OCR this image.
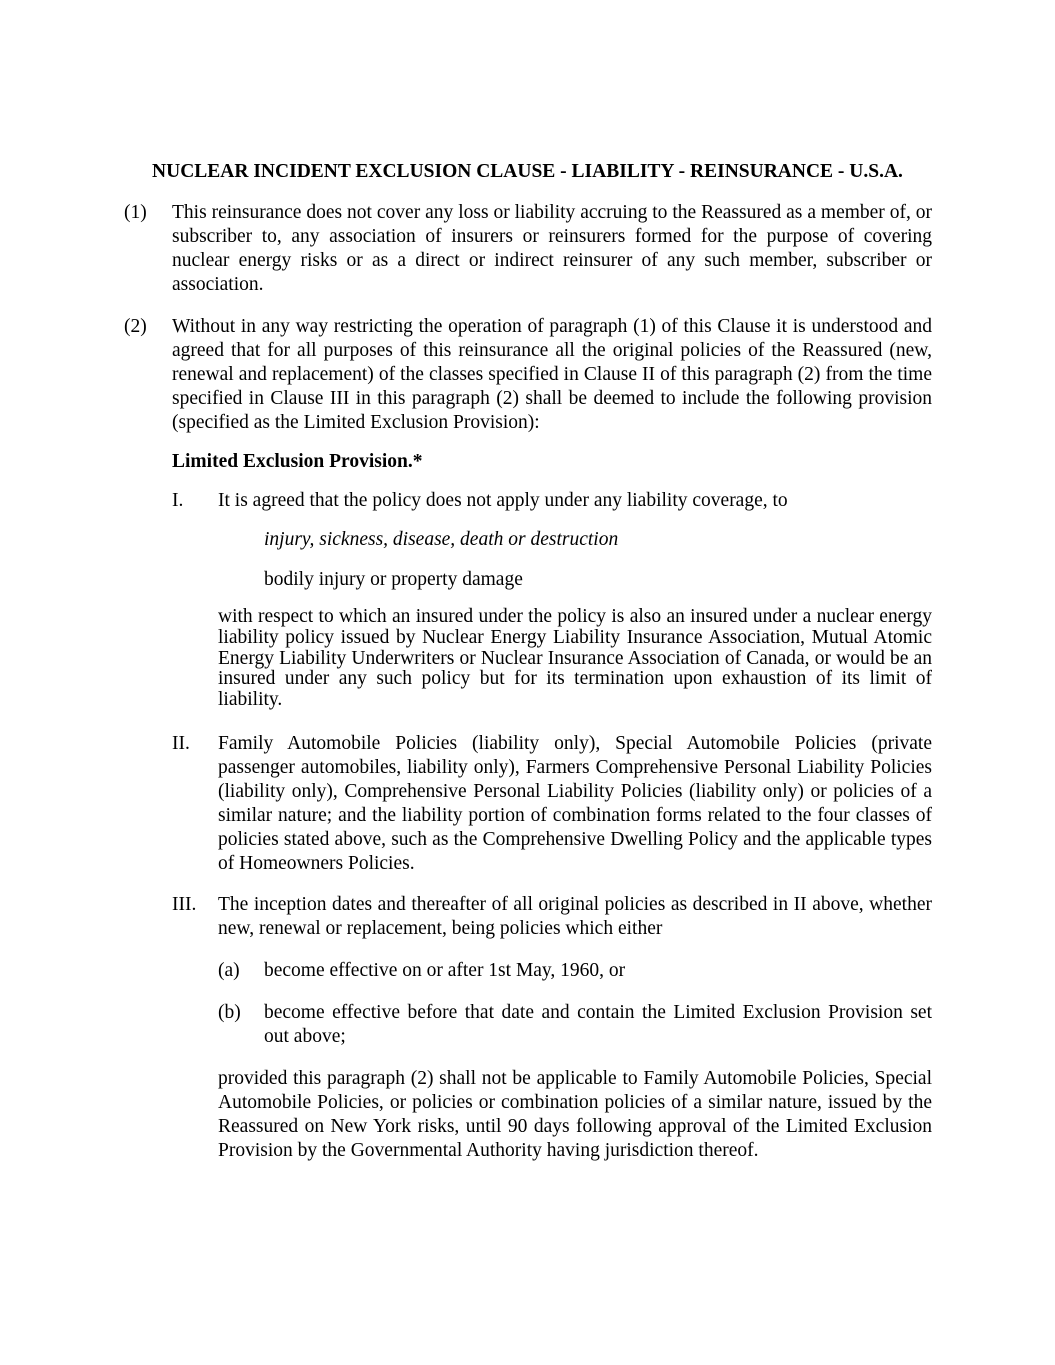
NUCLEAR INCIDENT EXCLUSION CLAUSE - LIABILITY - REINSURANCE - U.S.A.
(1) This reinsurance does not cover any loss or liability accruing to the Reassured as a member of, or subscriber to, any association of insurers or reinsurers formed for the purpose of covering nuclear energy risks or as a direct or indirect reinsurer of any such member, subscriber or association.
(2) Without in any way restricting the operation of paragraph (1) of this Clause it is understood and agreed that for all purposes of this reinsurance all the original policies of the Reassured (new, renewal and replacement) of the classes specified in Clause II of this paragraph (2) from the time specified in Clause III in this paragraph (2) shall be deemed to include the following provision (specified as the Limited Exclusion Provision):
Limited Exclusion Provision.*
I. It is agreed that the policy does not apply under any liability coverage, to
injury, sickness, disease, death or destruction
bodily injury or property damage
with respect to which an insured under the policy is also an insured under a nuclear energy liability policy issued by Nuclear Energy Liability Insurance Association, Mutual Atomic Energy Liability Underwriters or Nuclear Insurance Association of Canada, or would be an insured under any such policy but for its termination upon exhaustion of its limit of liability.
II. Family Automobile Policies (liability only), Special Automobile Policies (private passenger automobiles, liability only), Farmers Comprehensive Personal Liability Policies (liability only), Comprehensive Personal Liability Policies (liability only) or policies of a similar nature; and the liability portion of combination forms related to the four classes of policies stated above, such as the Comprehensive Dwelling Policy and the applicable types of Homeowners Policies.
III. The inception dates and thereafter of all original policies as described in II above, whether new, renewal or replacement, being policies which either
(a) become effective on or after 1st May, 1960, or
(b) become effective before that date and contain the Limited Exclusion Provision set out above;
provided this paragraph (2) shall not be applicable to Family Automobile Policies, Special Automobile Policies, or policies or combination policies of a similar nature, issued by the Reassured on New York risks, until 90 days following approval of the Limited Exclusion Provision by the Governmental Authority having jurisdiction thereof.
